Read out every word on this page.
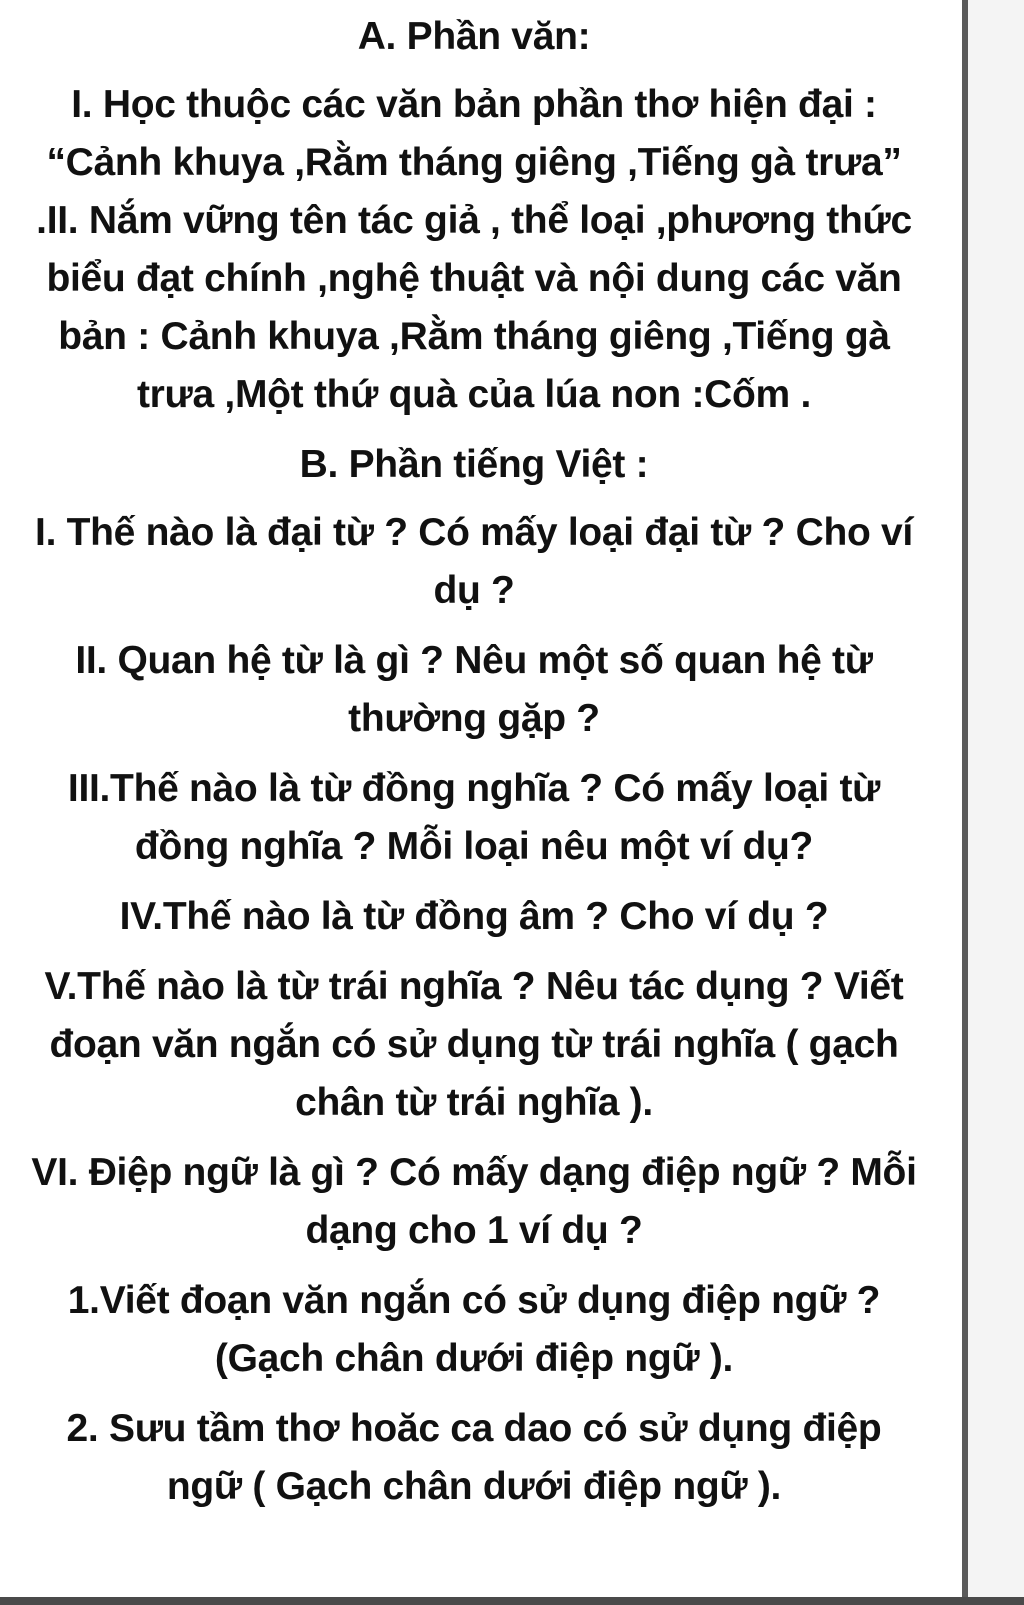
A. Phần văn:
I. Học thuộc các văn bản phần thơ hiện đại : “Cảnh khuya ,Rằm tháng giêng ,Tiếng gà trưa” .II. Nắm vững tên tác giả , thể loại ,phương thức biểu đạt chính ,nghệ thuật và nội dung các văn bản : Cảnh khuya ,Rằm tháng giêng ,Tiếng gà trưa ,Một thứ quà của lúa non :Cốm .
B. Phần tiếng Việt :
I. Thế nào là đại từ ? Có mấy loại đại từ ? Cho ví dụ ?
II. Quan hệ từ là gì ? Nêu một số quan hệ từ thường gặp ?
III.Thế nào là từ đồng nghĩa ? Có mấy loại từ đồng nghĩa ? Mỗi loại nêu một ví dụ?
IV.Thế nào là từ đồng âm ? Cho ví dụ ?
V.Thế nào là từ trái nghĩa ? Nêu tác dụng ? Viết đoạn văn ngắn có sử dụng từ trái nghĩa ( gạch chân từ trái nghĩa ).
VI. Điệp ngữ là gì ? Có mấy dạng điệp ngữ ? Mỗi dạng cho 1 ví dụ ?
1.Viết đoạn văn ngắn có sử dụng điệp ngữ ?(Gạch chân dưới điệp ngữ ).
2. Sưu tầm thơ hoăc ca dao có sử dụng điệp ngữ ( Gạch chân dưới điệp ngữ ).
